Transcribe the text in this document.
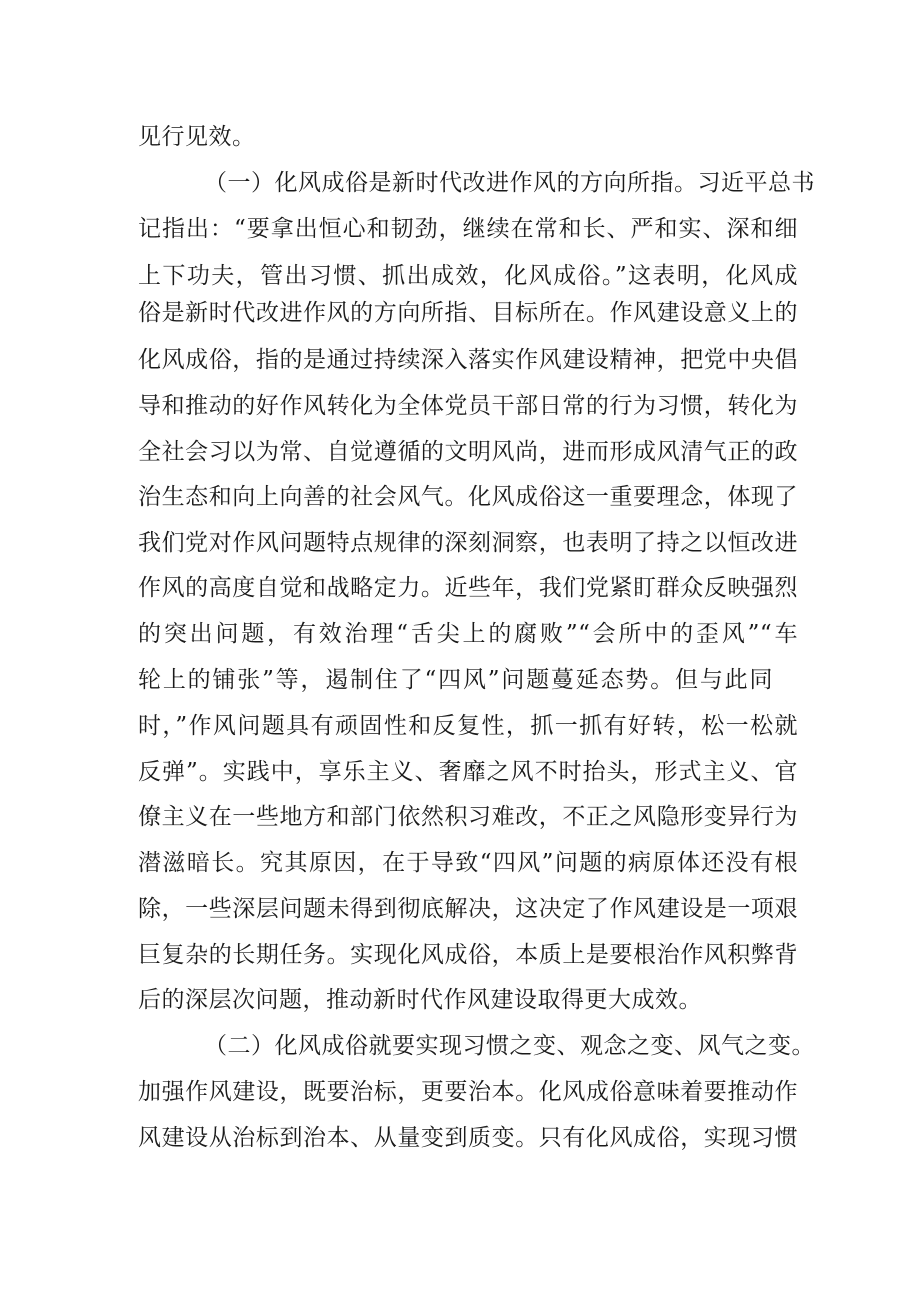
见行见效。
（一）化风成俗是新时代改进作风的方向所指。习近平总书
记指出：“要拿出恒心和韧劲，继续在常和长、严和实、深和细
上下功夫，管出习惯、抓出成效，化风成俗。”这表明，化风成
俗是新时代改进作风的方向所指、目标所在。作风建设意义上的
化风成俗，指的是通过持续深入落实作风建设精神，把党中央倡
导和推动的好作风转化为全体党员干部日常的行为习惯，转化为
全社会习以为常、自觉遵循的文明风尚，进而形成风清气正的政
治生态和向上向善的社会风气。化风成俗这一重要理念，体现了
我们党对作风问题特点规律的深刻洞察，也表明了持之以恒改进
作风的高度自觉和战略定力。近些年，我们党紧盯群众反映强烈
的突出问题，有效治理“舌尖上的腐败”“会所中的歪风”“车
轮上的铺张”等，遏制住了“四风”问题蔓延态势。但与此同
时，”作风问题具有顽固性和反复性，抓一抓有好转，松一松就
反弹”。实践中，享乐主义、奢靡之风不时抬头，形式主义、官
僚主义在一些地方和部门依然积习难改，不正之风隐形变异行为
潜滋暗长。究其原因，在于导致“四风”问题的病原体还没有根
除，一些深层问题未得到彻底解决，这决定了作风建设是一项艰
巨复杂的长期任务。实现化风成俗，本质上是要根治作风积弊背
后的深层次问题，推动新时代作风建设取得更大成效。
（二）化风成俗就要实现习惯之变、观念之变、风气之变。
加强作风建设，既要治标，更要治本。化风成俗意味着要推动作
风建设从治标到治本、从量变到质变。只有化风成俗，实现习惯
